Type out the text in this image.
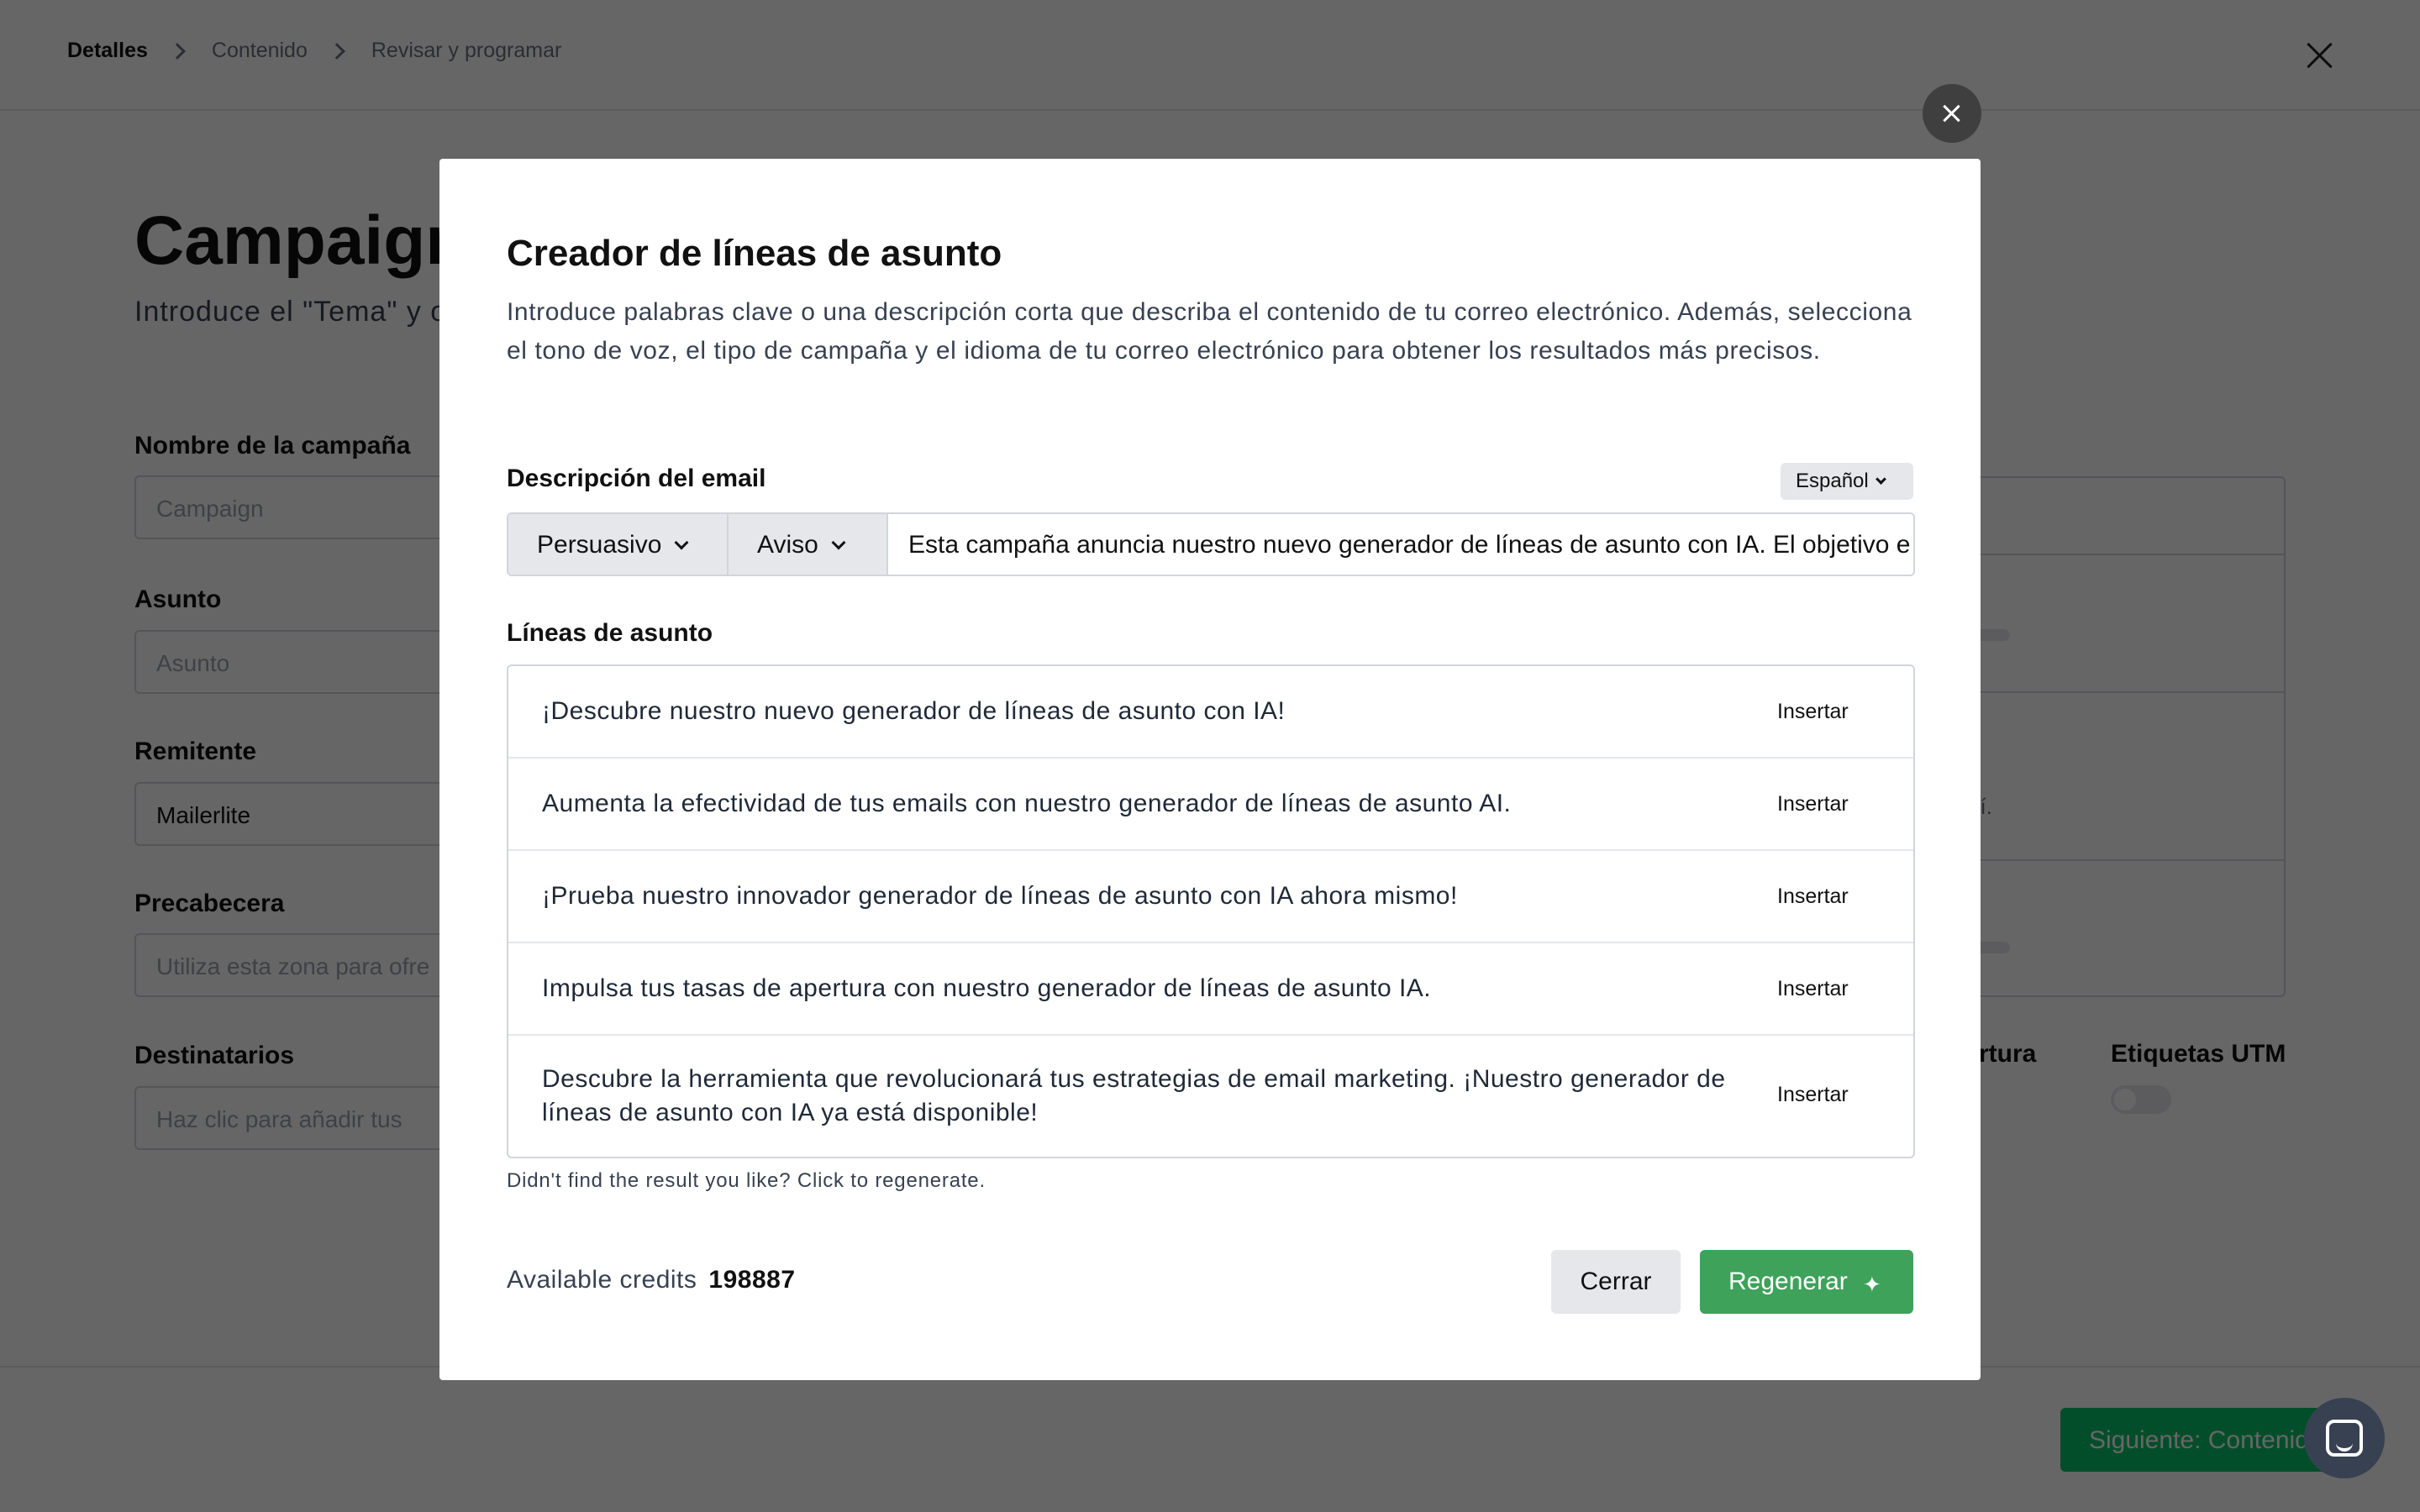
Creador de líneas de asunto
Introduce palabras clave o una descripción corta que describa el contenido de tu correo electrónico. Además, selecciona el tono de voz, el tipo de campaña y el idioma de tu correo electrónico para obtener los resultados más precisos.
Descripción del email	Español
Persuasivo	Aviso	Esta campaña anuncia nuestro nuevo generador de líneas de asunto con IA. El objetivo e
Líneas de asunto
¡Descubre nuestro nuevo generador de líneas de asunto con IA!	Insertar
Aumenta la efectividad de tus emails con nuestro generador de líneas de asunto AI.	Insertar
¡Prueba nuestro innovador generador de líneas de asunto con IA ahora mismo!	Insertar
Impulsa tus tasas de apertura con nuestro generador de líneas de asunto IA.	Insertar
Descubre la herramienta que revolucionará tus estrategias de email marketing. ¡Nuestro generador de líneas de asunto con IA ya está disponible!
Insertar
Didn't find the result you like? Click to regenerate.
Available credits 198887	Cerrar	Regenerar ✦
